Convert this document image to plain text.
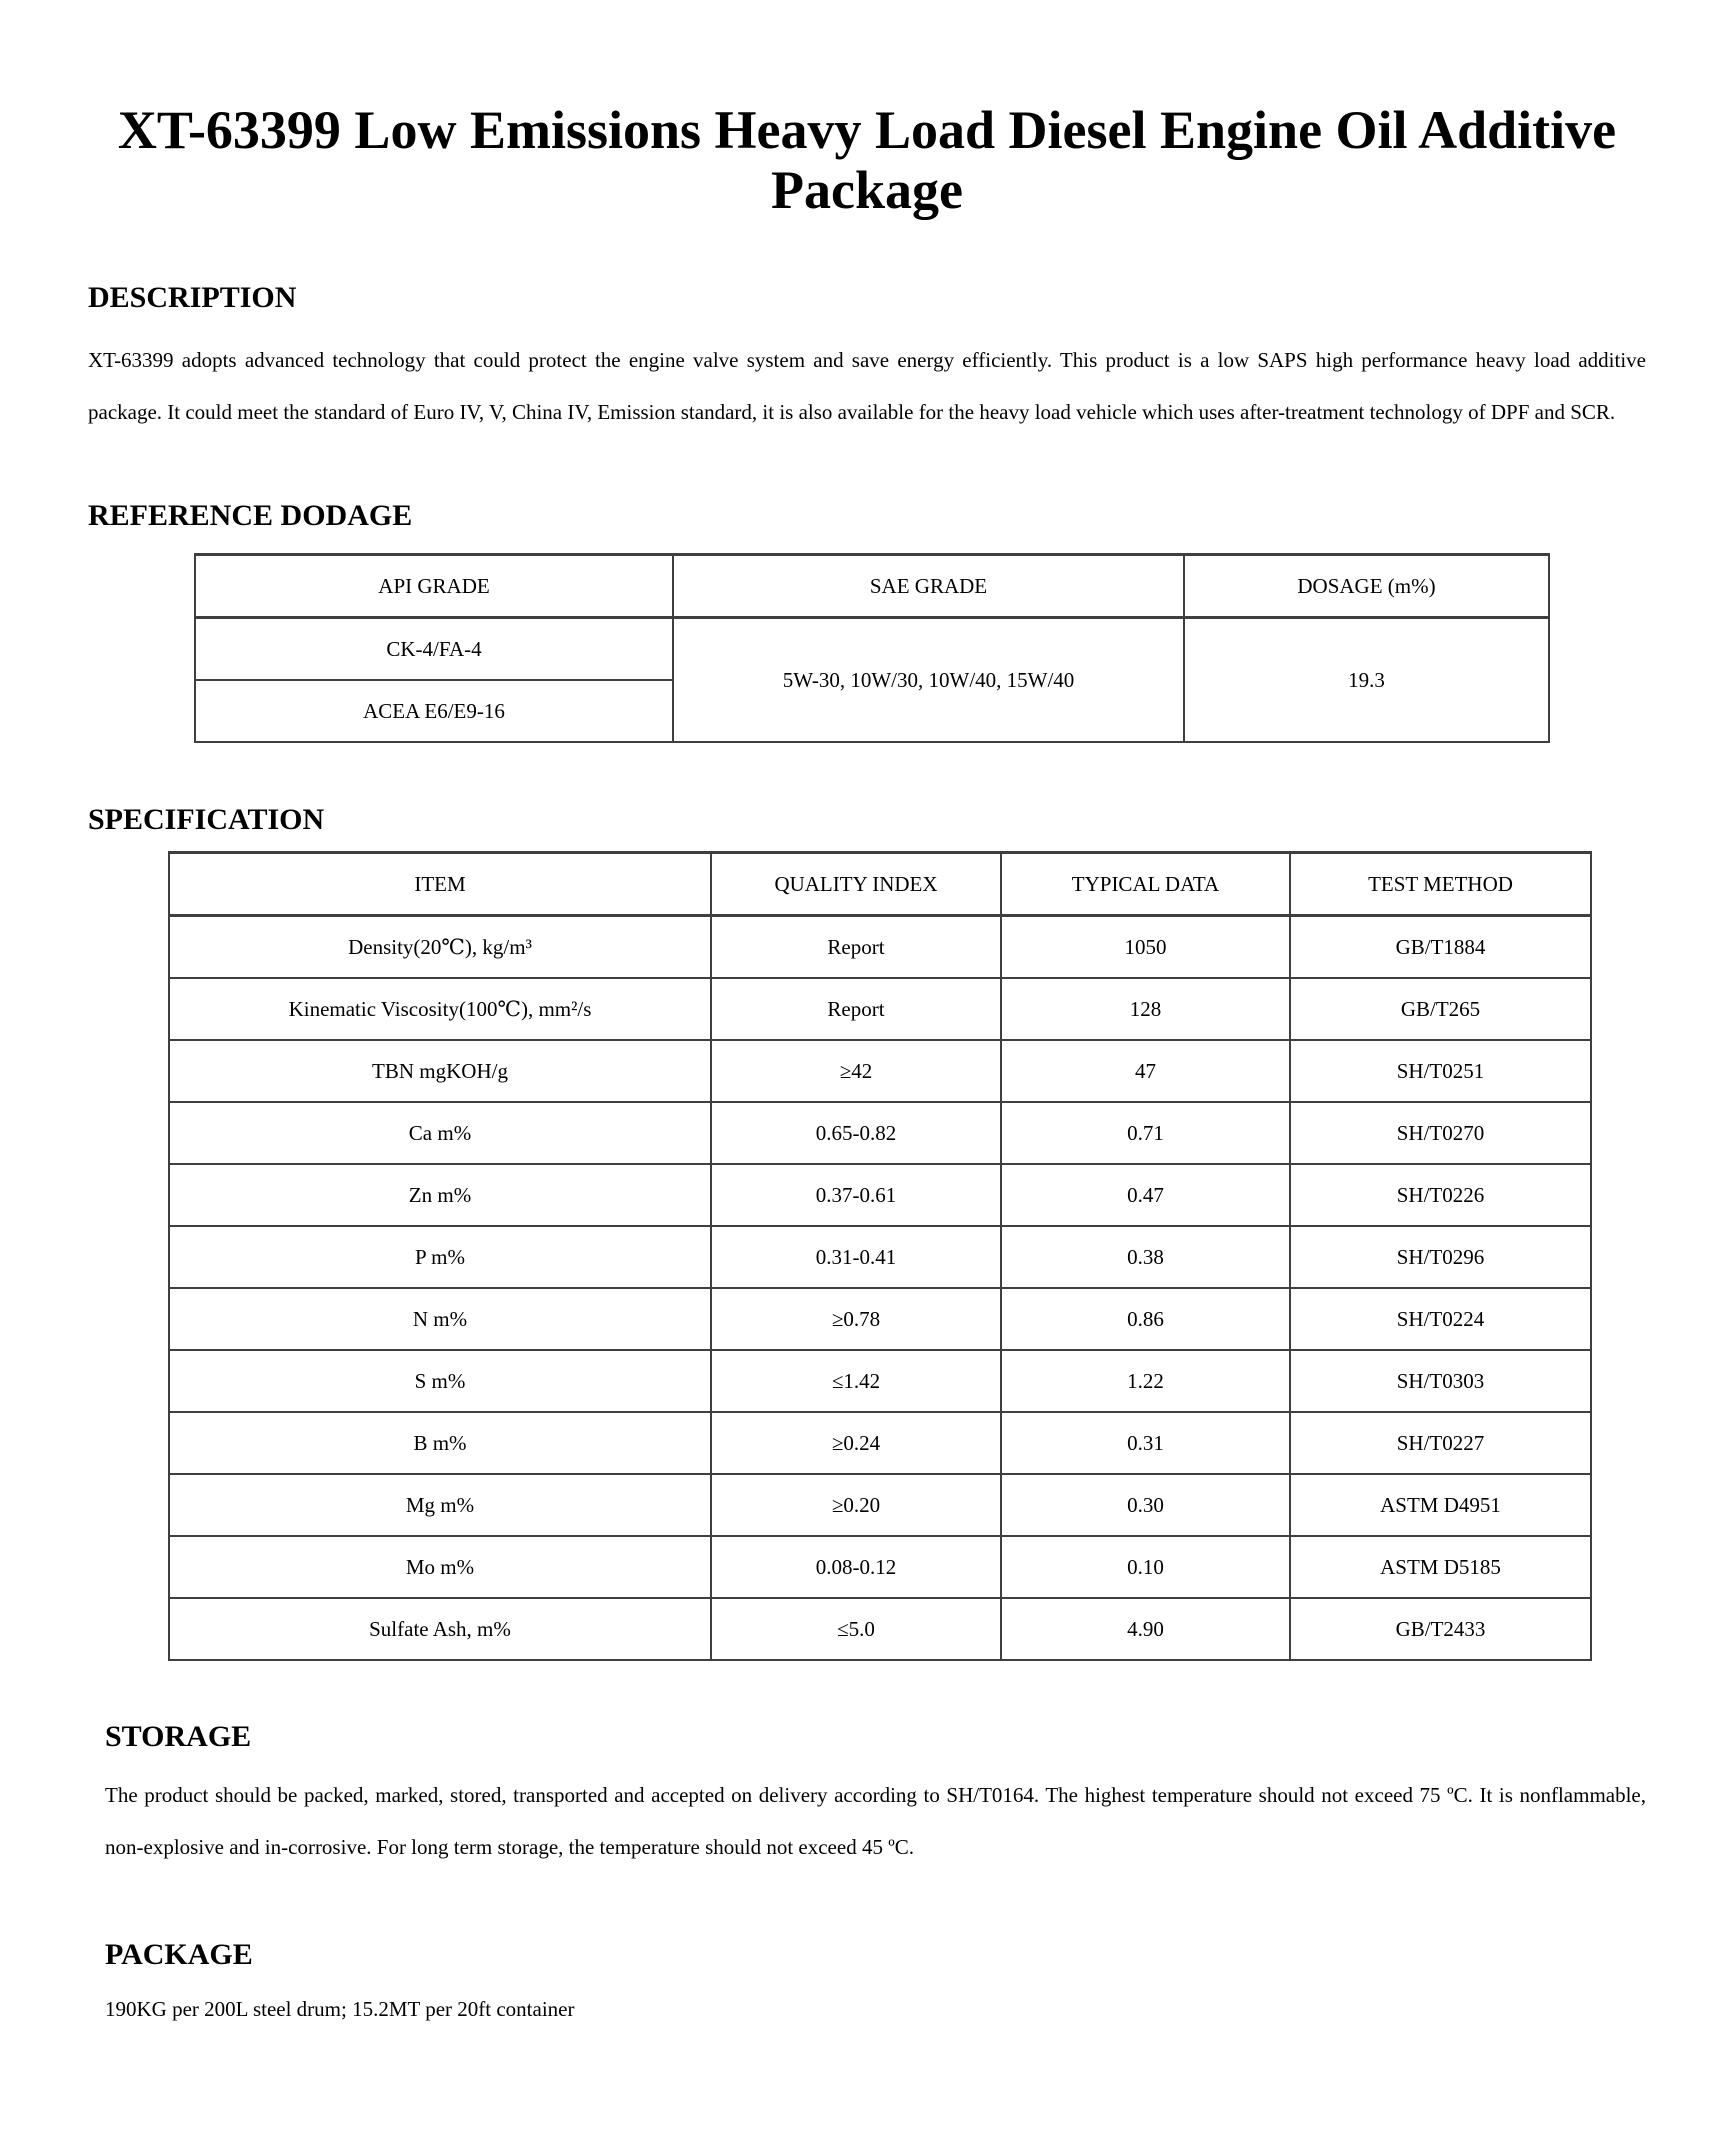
XT-63399 Low Emissions Heavy Load Diesel Engine Oil Additive Package
DESCRIPTION

XT-63399 adopts advanced technology that could protect the engine valve system and save energy efficiently. This product is a low SAPS high performance heavy load additive package. It could meet the standard of Euro IV, V, China IV, Emission standard, it is also available for the heavy load vehicle which uses after-treatment technology of DPF and SCR.

REFERENCE DODAGE
API GRADE	SAE GRADE	DOSAGE (m%)
CK-4/FA-4	5W-30, 10W/30, 10W/40, 15W/40	19.3
ACEA E6/E9-16		
SPECIFICATION
ITEM	QUALITY INDEX	TYPICAL DATA	TEST METHOD
Density(20℃), kg/m³	Report	1050	GB/T1884
Kinematic Viscosity(100℃), mm²/s	Report	128	GB/T265
TBN mgKOH/g	≥42	47	SH/T0251
Ca m%	0.65-0.82	0.71	SH/T0270
Zn m%	0.37-0.61	0.47	SH/T0226
P m%	0.31-0.41	0.38	SH/T0296
N m%	≥0.78	0.86	SH/T0224
S m%	≤1.42	1.22	SH/T0303
B m%	≥0.24	0.31	SH/T0227
Mg m%	≥0.20	0.30	ASTM D4951
Mo m%	0.08-0.12	0.10	ASTM D5185
Sulfate Ash, m%	≤5.0	4.90	GB/T2433
STORAGE

The product should be packed, marked, stored, transported and accepted on delivery according to SH/T0164. The highest temperature should not exceed 75 ºC. It is nonflammable, non-explosive and in-corrosive. For long term storage, the temperature should not exceed 45 ºC.

PACKAGE

190KG per 200L steel drum; 15.2MT per 20ft container
